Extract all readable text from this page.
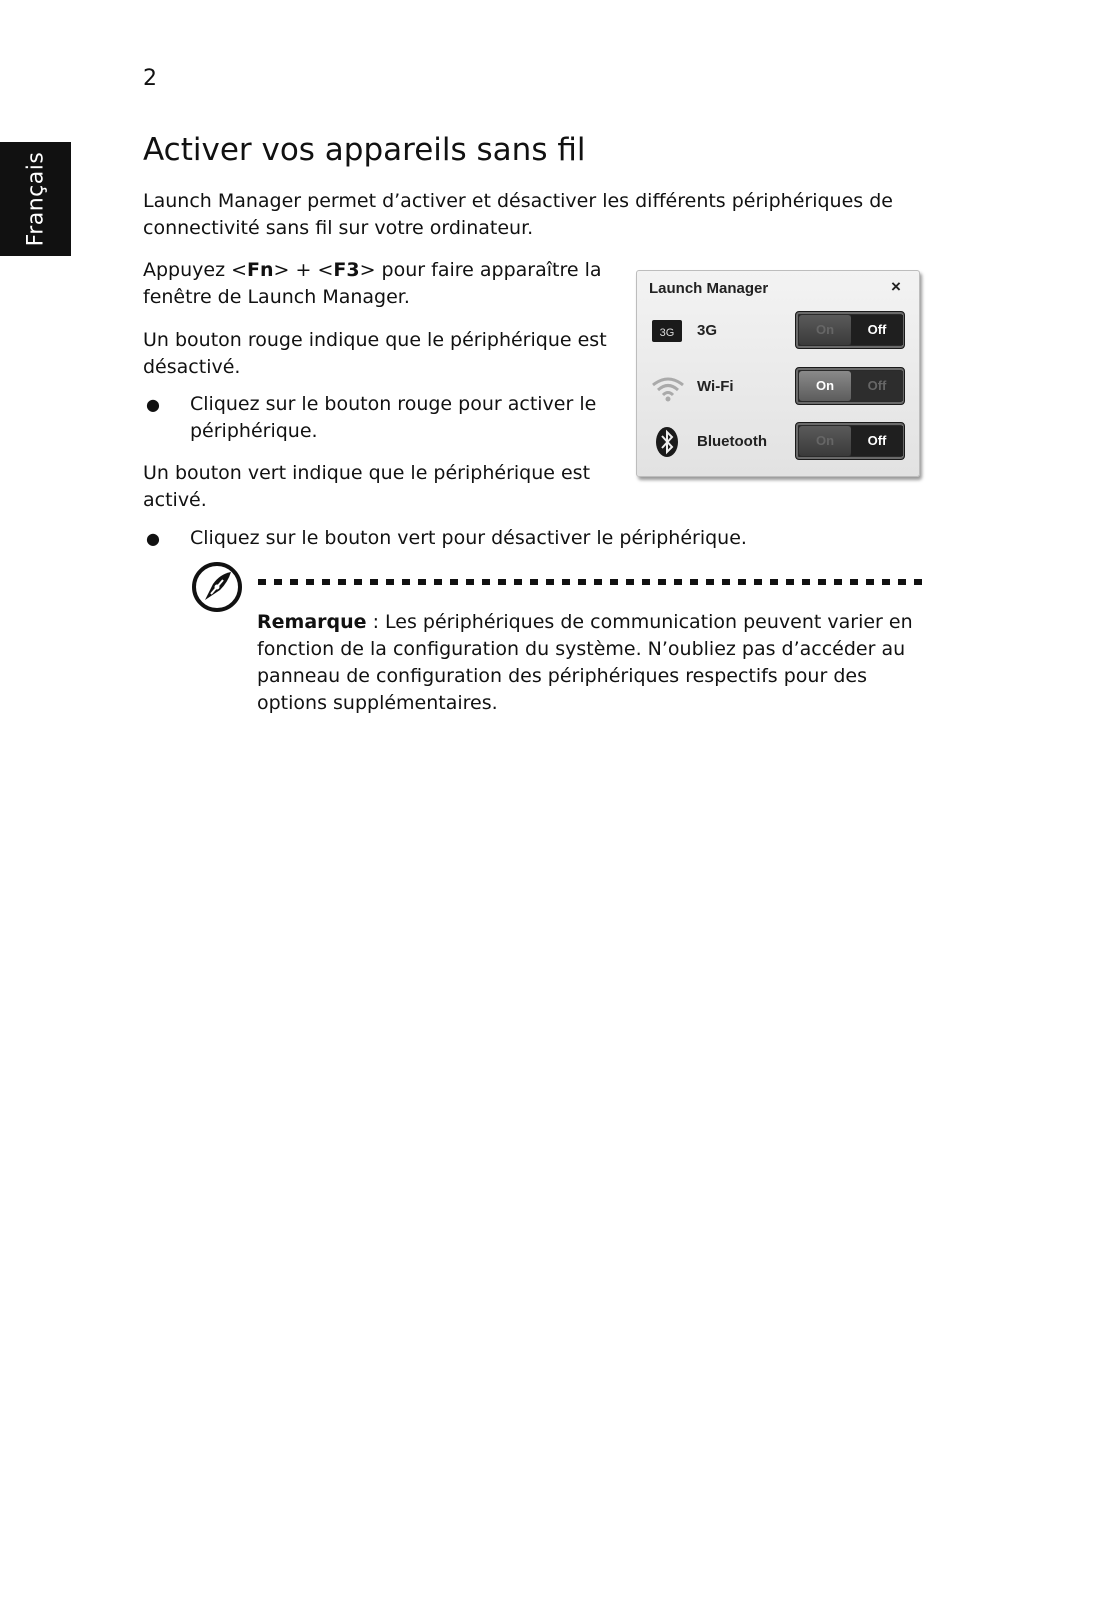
2
Français
Activer vos appareils sans fil

Launch Manager permet d’activer et désactiver les différents périphériques de connectivité sans fil sur votre ordinateur.

Appuyez <Fn> + <F3> pour faire apparaître la fenêtre de Launch Manager.

Un bouton rouge indique que le périphérique est désactivé.

●	Cliquez sur le bouton rouge pour activer le périphérique.

Un bouton vert indique que le périphérique est activé.

●	Cliquez sur le bouton vert pour désactiver le périphérique.
Launch Manager	×
3G 3G	On	Off
Wi-Fi	On	Off
Bluetooth	On	Off

Remarque : Les périphériques de communication peuvent varier en fonction de la configuration du système. N’oubliez pas d’accéder au panneau de configuration des périphériques respectifs pour des options supplémentaires.
